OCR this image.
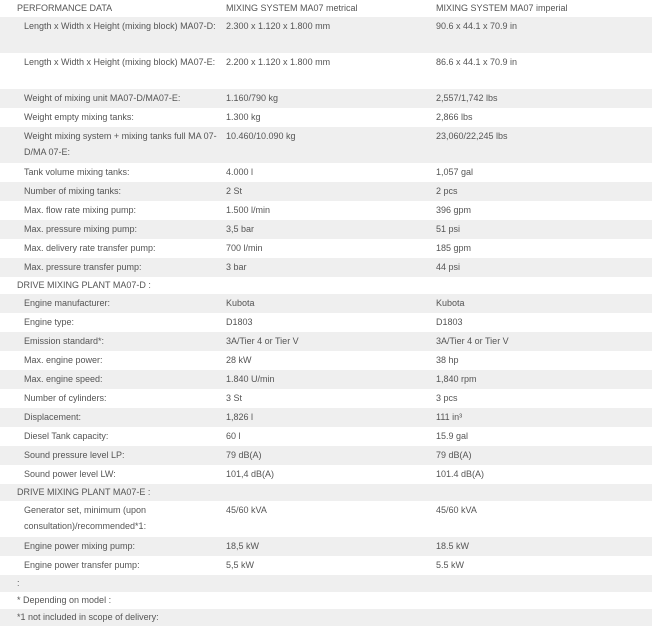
PERFORMANCE DATA	MIXING SYSTEM MA07 metrical	MIXING SYSTEM MA07 imperial
Length x Width x Height (mixing block) MA07-D:	2.300 x 1.120 x 1.800 mm	90.6 x 44.1 x 70.9 in
Length x Width x Height (mixing block) MA07-E:	2.200 x 1.120 x 1.800 mm	86.6 x 44.1 x 70.9 in
Weight of mixing unit MA07-D/MA07-E:	1.160/790 kg	2,557/1,742 lbs
Weight empty mixing tanks:	1.300 kg	2,866 lbs
Weight mixing system + mixing tanks full MA 07-D/MA 07-E:	10.460/10.090 kg	23,060/22,245 lbs
Tank volume mixing tanks:	4.000 l	1,057 gal
Number of mixing tanks:	2 St	2 pcs
Max. flow rate mixing pump:	1.500 l/min	396 gpm
Max. pressure mixing pump:	3,5 bar	51 psi
Max. delivery rate transfer pump:	700 l/min	185 gpm
Max. pressure transfer pump:	3 bar	44 psi
DRIVE MIXING PLANT MA07-D :		
Engine manufacturer:	Kubota	Kubota
Engine type:	D1803	D1803
Emission standard*:	3A/Tier 4 or Tier V	3A/Tier 4 or Tier V
Max. engine power:	28 kW	38 hp
Max. engine speed:	1.840 U/min	1,840 rpm
Number of cylinders:	3 St	3 pcs
Displacement:	1,826 l	111 in³
Diesel Tank capacity:	60 l	15.9 gal
Sound pressure level LP:	79 dB(A)	79 dB(A)
Sound power level LW:	101,4 dB(A)	101.4 dB(A)
DRIVE MIXING PLANT MA07-E :		
Generator set, minimum (upon consultation)/recommended*1:	45/60 kVA	45/60 kVA
Engine power mixing pump:	18,5 kW	18.5 kW
Engine power transfer pump:	5,5 kW	5.5 kW
:		
* Depending on model :		
*1 not included in scope of delivery:		
